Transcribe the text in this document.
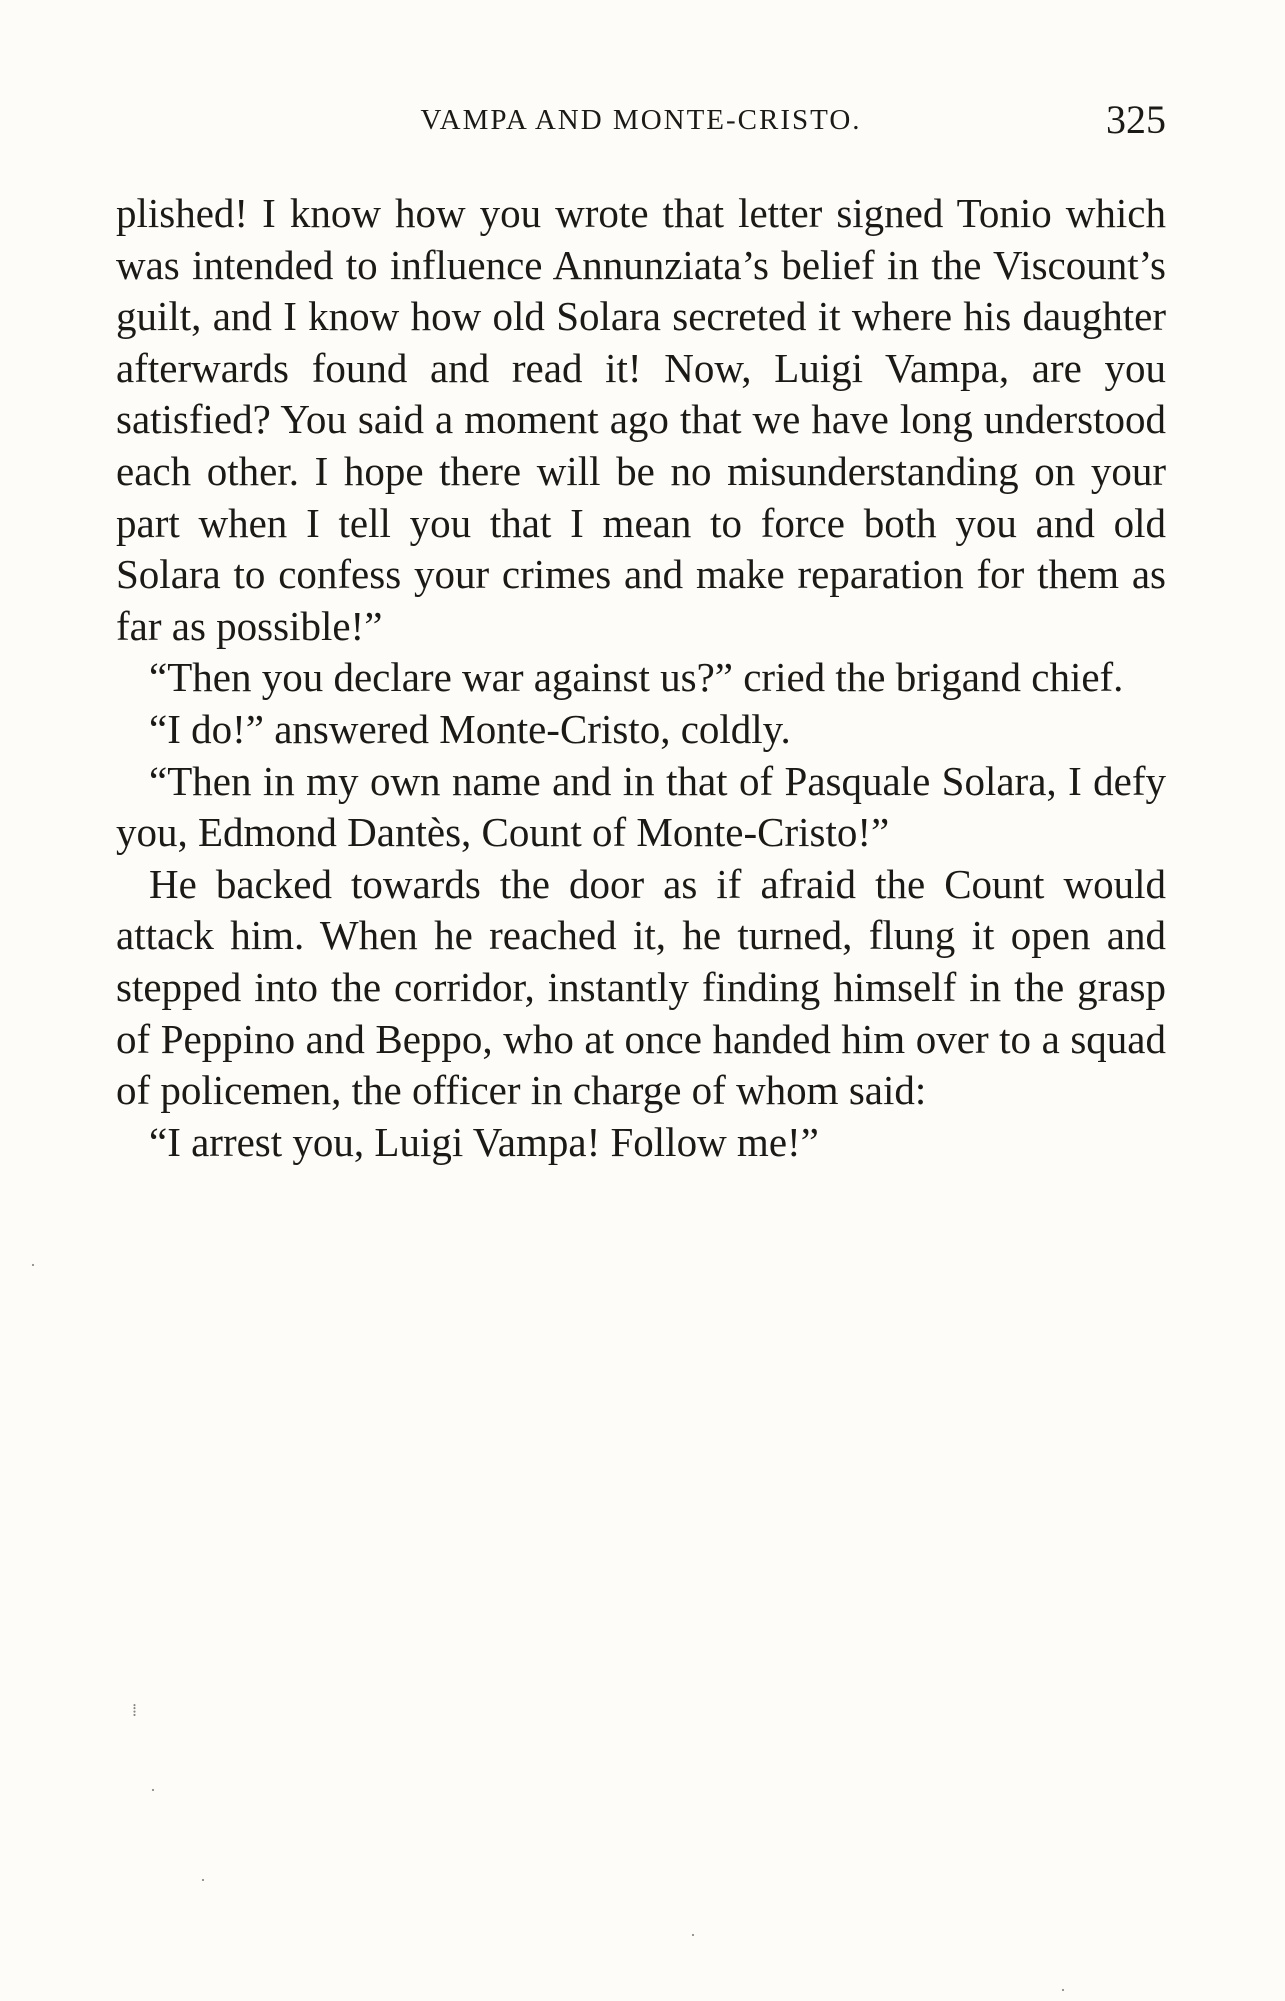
VAMPA AND MONTE-CRISTO.	325

plished! I know how you wrote that letter signed Tonio which was intended to influence Annunziata’s belief in the Viscount’s guilt, and I know how old Solara secreted it where his daughter afterwards found and read it! Now, Luigi Vampa, are you satisfied? You said a moment ago that we have long understood each other. I hope there will be no misunderstanding on your part when I tell you that I mean to force both you and old Solara to confess your crimes and make reparation for them as far as possible!”

“Then you declare war against us?” cried the brigand chief.

“I do!” answered Monte-Cristo, coldly.

“Then in my own name and in that of Pasquale Solara, I defy you, Edmond Dantès, Count of Monte-Cristo!”

He backed towards the door as if afraid the Count would attack him. When he reached it, he turned, flung it open and stepped into the corridor, instantly finding himself in the grasp of Peppino and Beppo, who at once handed him over to a squad of policemen, the officer in charge of whom said:

“I arrest you, Luigi Vampa! Follow me!”

·
⁞
·
·
·
·
